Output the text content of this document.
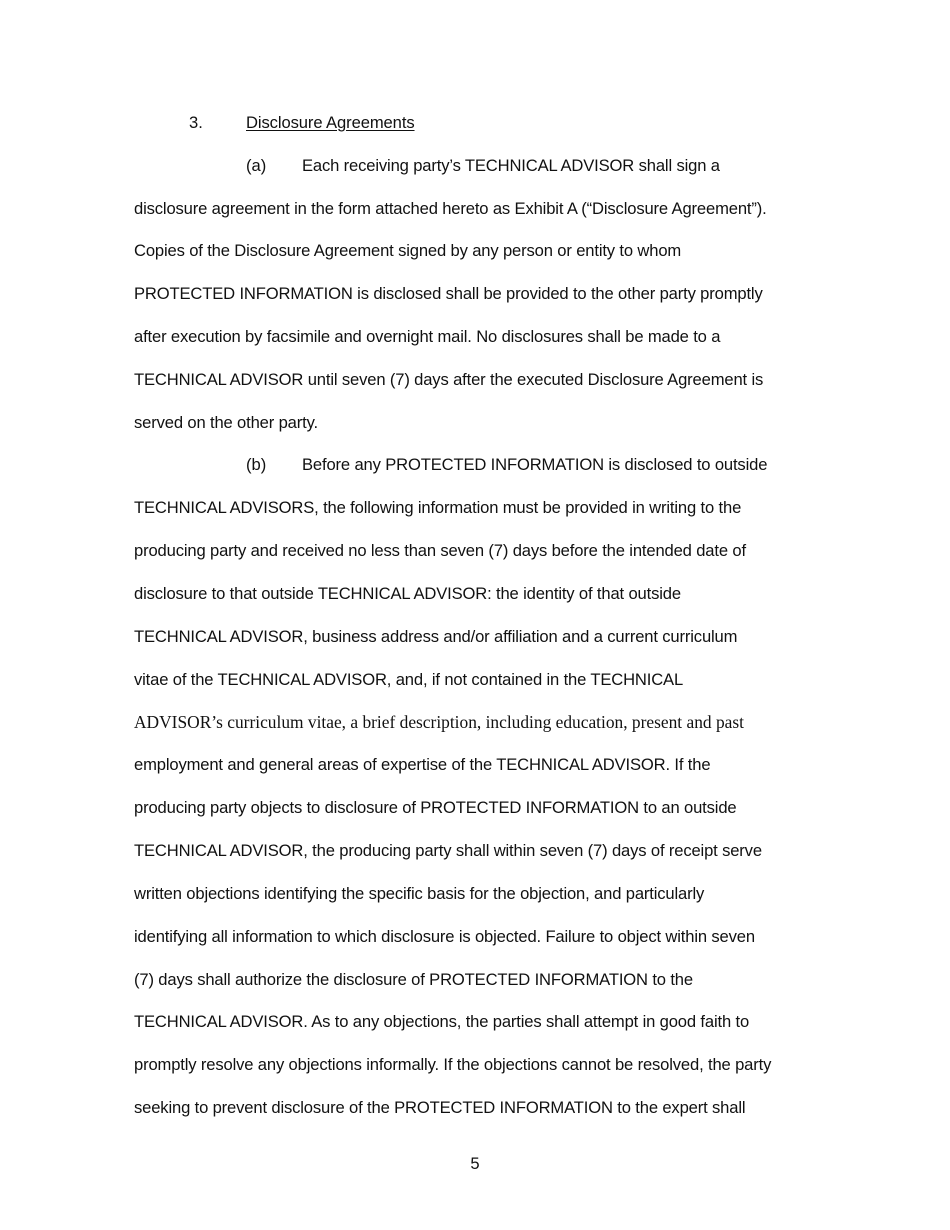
3.	Disclosure Agreements
(a) Each receiving party’s TECHNICAL ADVISOR shall sign a
disclosure agreement in the form attached hereto as Exhibit A (“Disclosure Agreement”).
Copies of the Disclosure Agreement signed by any person or entity to whom
PROTECTED INFORMATION is disclosed shall be provided to the other party promptly
after execution by facsimile and overnight mail. No disclosures shall be made to a
TECHNICAL ADVISOR until seven (7) days after the executed Disclosure Agreement is
served on the other party.
(b) Before any PROTECTED INFORMATION is disclosed to outside
TECHNICAL ADVISORS, the following information must be provided in writing to the
producing party and received no less than seven (7) days before the intended date of
disclosure to that outside TECHNICAL ADVISOR: the identity of that outside
TECHNICAL ADVISOR, business address and/or affiliation and a current curriculum
vitae of the TECHNICAL ADVISOR, and, if not contained in the TECHNICAL
ADVISOR’s curriculum vitae, a brief description, including education, present and past
employment and general areas of expertise of the TECHNICAL ADVISOR. If the
producing party objects to disclosure of PROTECTED INFORMATION to an outside
TECHNICAL ADVISOR, the producing party shall within seven (7) days of receipt serve
written objections identifying the specific basis for the objection, and particularly
identifying all information to which disclosure is objected. Failure to object within seven
(7) days shall authorize the disclosure of PROTECTED INFORMATION to the
TECHNICAL ADVISOR. As to any objections, the parties shall attempt in good faith to
promptly resolve any objections informally. If the objections cannot be resolved, the party
seeking to prevent disclosure of the PROTECTED INFORMATION to the expert shall
5
